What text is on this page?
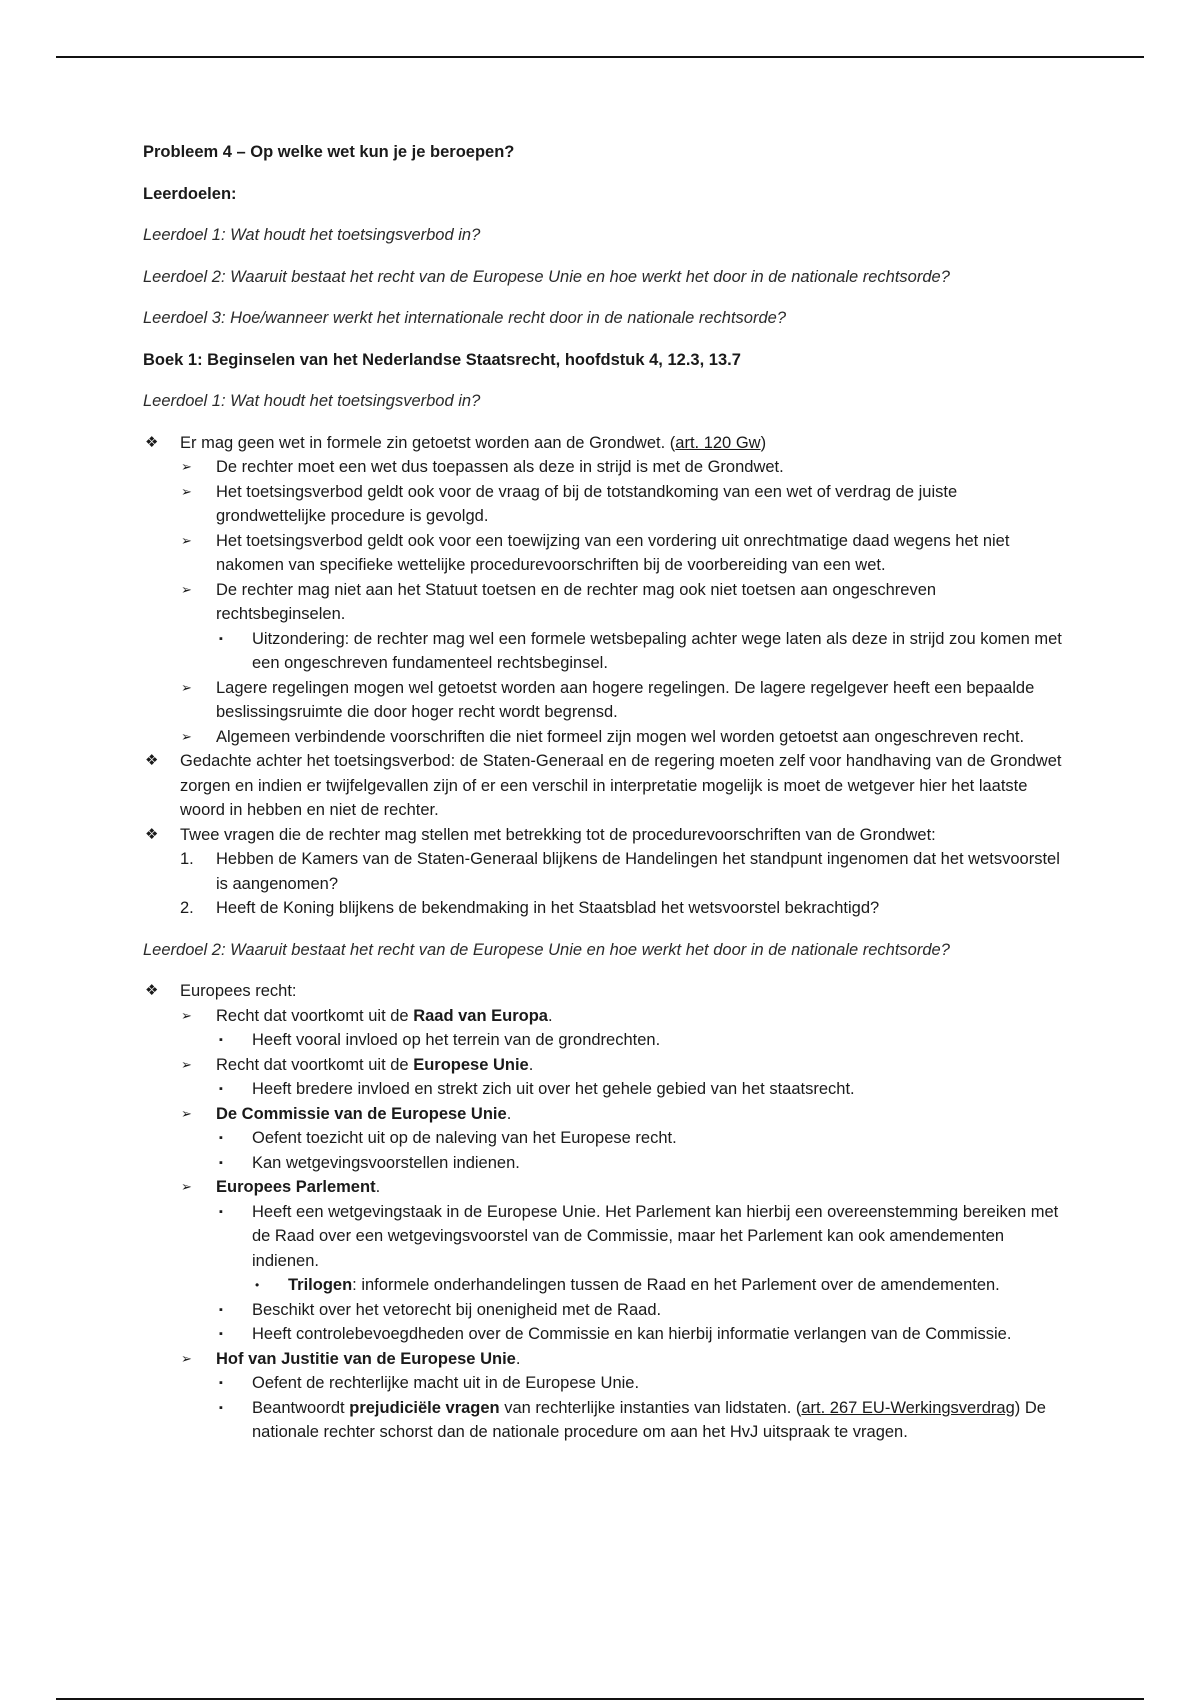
Probleem 4 – Op welke wet kun je je beroepen?

Leerdoelen:

Leerdoel 1: Wat houdt het toetsingsverbod in?

Leerdoel 2: Waaruit bestaat het recht van de Europese Unie en hoe werkt het door in de nationale rechtsorde?

Leerdoel 3: Hoe/wanneer werkt het internationale recht door in de nationale rechtsorde?

Boek 1: Beginselen van het Nederlandse Staatsrecht, hoofdstuk 4, 12.3, 13.7

Leerdoel 1: Wat houdt het toetsingsverbod in?

❖ Er mag geen wet in formele zin getoetst worden aan de Grondwet. (art. 120 Gw)
➢ De rechter moet een wet dus toepassen als deze in strijd is met de Grondwet.
➢ Het toetsingsverbod geldt ook voor de vraag of bij de totstandkoming van een wet of verdrag de juiste grondwettelijke procedure is gevolgd.
➢ Het toetsingsverbod geldt ook voor een toewijzing van een vordering uit onrechtmatige daad wegens het niet nakomen van specifieke wettelijke procedurevoorschriften bij de voorbereiding van een wet.
➢ De rechter mag niet aan het Statuut toetsen en de rechter mag ook niet toetsen aan ongeschreven rechtsbeginselen.
▪ Uitzondering: de rechter mag wel een formele wetsbepaling achter wege laten als deze in strijd zou komen met een ongeschreven fundamenteel rechtsbeginsel.
➢ Lagere regelingen mogen wel getoetst worden aan hogere regelingen. De lagere regelgever heeft een bepaalde beslissingsruimte die door hoger recht wordt begrensd.
➢ Algemeen verbindende voorschriften die niet formeel zijn mogen wel worden getoetst aan ongeschreven recht.
❖ Gedachte achter het toetsingsverbod: de Staten-Generaal en de regering moeten zelf voor handhaving van de Grondwet zorgen en indien er twijfelgevallen zijn of er een verschil in interpretatie mogelijk is moet de wetgever hier het laatste woord in hebben en niet de rechter.
❖ Twee vragen die de rechter mag stellen met betrekking tot de procedurevoorschriften van de Grondwet:
1. Hebben de Kamers van de Staten-Generaal blijkens de Handelingen het standpunt ingenomen dat het wetsvoorstel is aangenomen?
2. Heeft de Koning blijkens de bekendmaking in het Staatsblad het wetsvoorstel bekrachtigd?

Leerdoel 2: Waaruit bestaat het recht van de Europese Unie en hoe werkt het door in de nationale rechtsorde?

❖ Europees recht:
➢ Recht dat voortkomt uit de Raad van Europa.
▪ Heeft vooral invloed op het terrein van de grondrechten.
➢ Recht dat voortkomt uit de Europese Unie.
▪ Heeft bredere invloed en strekt zich uit over het gehele gebied van het staatsrecht.
➢ De Commissie van de Europese Unie.
▪ Oefent toezicht uit op de naleving van het Europese recht.
▪ Kan wetgevingsvoorstellen indienen.
➢ Europees Parlement.
▪ Heeft een wetgevingstaak in de Europese Unie. Het Parlement kan hierbij een overeenstemming bereiken met de Raad over een wetgevingsvoorstel van de Commissie, maar het Parlement kan ook amendementen indienen.
• Trilogen: informele onderhandelingen tussen de Raad en het Parlement over de amendementen.
▪ Beschikt over het vetorecht bij onenigheid met de Raad.
▪ Heeft controlebevoegdheden over de Commissie en kan hierbij informatie verlangen van de Commissie.
➢ Hof van Justitie van de Europese Unie.
▪ Oefent de rechterlijke macht uit in de Europese Unie.
▪ Beantwoordt prejudiciële vragen van rechterlijke instanties van lidstaten. (art. 267 EU-Werkingsverdrag) De nationale rechter schorst dan de nationale procedure om aan het HvJ uitspraak te vragen.
